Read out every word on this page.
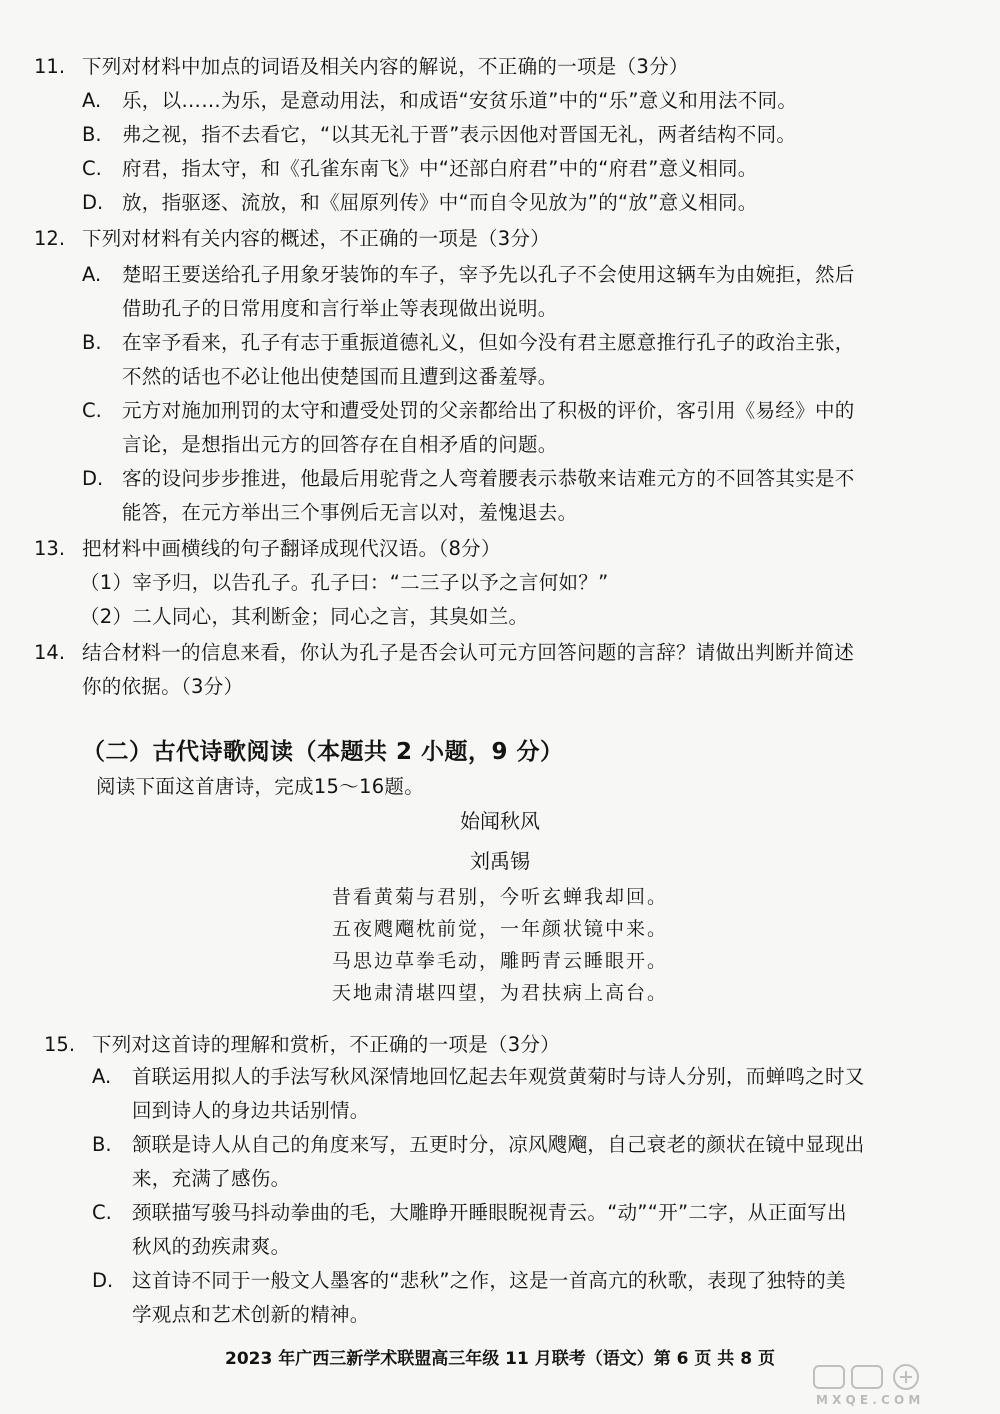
11. 下列对材料中加点的词语及相关内容的解说，不正确的一项是（3分）
A. 乐，以……为乐，是意动用法，和成语“安贫乐道”中的“乐”意义和用法不同。
B. 弗之视，指不去看它，“以其无礼于晋”表示因他对晋国无礼，两者结构不同。
C. 府君，指太守，和《孔雀东南飞》中“还部白府君”中的“府君”意义相同。
D. 放，指驱逐、流放，和《屈原列传》中“而自令见放为”的“放”意义相同。
12. 下列对材料有关内容的概述，不正确的一项是（3分）
A. 楚昭王要送给孔子用象牙装饰的车子，宰予先以孔子不会使用这辆车为由婉拒，然后
借助孔子的日常用度和言行举止等表现做出说明。
B. 在宰予看来，孔子有志于重振道德礼义，但如今没有君主愿意推行孔子的政治主张，
不然的话也不必让他出使楚国而且遭到这番羞辱。
C. 元方对施加刑罚的太守和遭受处罚的父亲都给出了积极的评价，客引用《易经》中的
言论，是想指出元方的回答存在自相矛盾的问题。
D. 客的设问步步推进，他最后用驼背之人弯着腰表示恭敬来诘难元方的不回答其实是不
能答，在元方举出三个事例后无言以对，羞愧退去。
13. 把材料中画横线的句子翻译成现代汉语。（8分）
（1）宰予归，以告孔子。孔子曰：“二三子以予之言何如？”
（2）二人同心，其利断金；同心之言，其臭如兰。
14. 结合材料一的信息来看，你认为孔子是否会认可元方回答问题的言辞？请做出判断并简述
你的依据。（3分）
（二）古代诗歌阅读（本题共 2 小题，9 分）
阅读下面这首唐诗，完成15～16题。
始闻秋风
刘禹锡
昔看黄菊与君别，今听玄蝉我却回。
五夜飕飗枕前觉，一年颜状镜中来。
马思边草拳毛动，雕眄青云睡眼开。
天地肃清堪四望，为君扶病上高台。
15. 下列对这首诗的理解和赏析，不正确的一项是（3分）
A. 首联运用拟人的手法写秋风深情地回忆起去年观赏黄菊时与诗人分别，而蝉鸣之时又
回到诗人的身边共话别情。
B. 颔联是诗人从自己的角度来写，五更时分，凉风飕飗，自己衰老的颜状在镜中显现出
来，充满了感伤。
C. 颈联描写骏马抖动拳曲的毛，大雕睁开睡眼睨视青云。“动”“开”二字，从正面写出
秋风的劲疾肃爽。
D. 这首诗不同于一般文人墨客的“悲秋”之作，这是一首高亢的秋歌，表现了独特的美
学观点和艺术创新的精神。
2023 年广西三新学术联盟高三年级 11 月联考（语文）第 6 页 共 8 页
M X Q E . C O M
